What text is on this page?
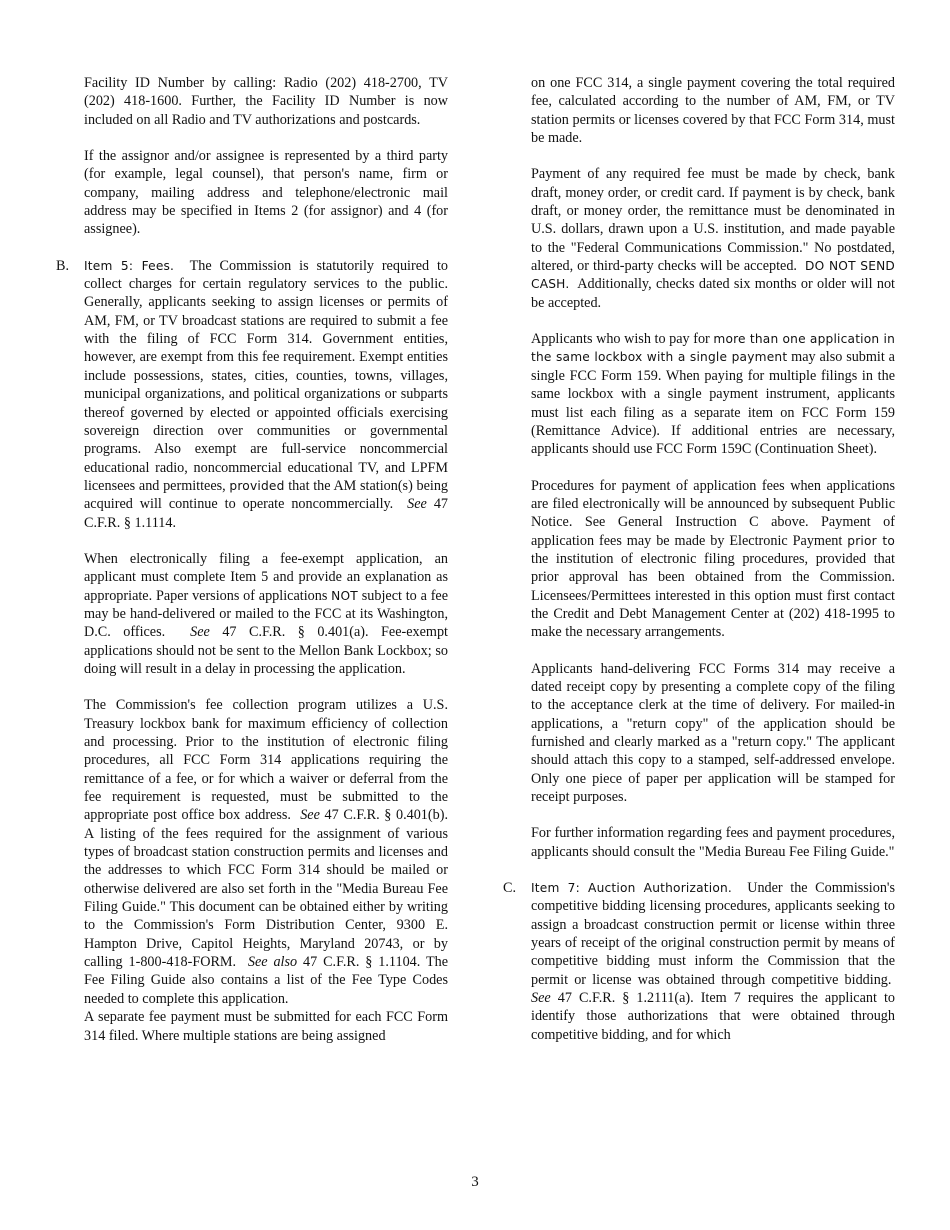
Facility ID Number by calling: Radio (202) 418-2700, TV (202) 418-1600. Further, the Facility ID Number is now included on all Radio and TV authorizations and postcards.

If the assignor and/or assignee is represented by a third party (for example, legal counsel), that person's name, firm or company, mailing address and telephone/electronic mail address may be specified in Items 2 (for assignor) and 4 (for assignee).

B. Item 5: Fees. The Commission is statutorily required to collect charges for certain regulatory services to the public. Generally, applicants seeking to assign licenses or permits of AM, FM, or TV broadcast stations are required to submit a fee with the filing of FCC Form 314. Government entities, however, are exempt from this fee requirement. Exempt entities include possessions, states, cities, counties, towns, villages, municipal organizations, and political organizations or subparts thereof governed by elected or appointed officials exercising sovereign direction over communities or governmental programs. Also exempt are full-service noncommercial educational radio, noncommercial educational TV, and LPFM licensees and permittees, provided that the AM station(s) being acquired will continue to operate noncommercially. See 47 C.F.R. § 1.1114.

When electronically filing a fee-exempt application, an applicant must complete Item 5 and provide an explanation as appropriate. Paper versions of applications NOT subject to a fee may be hand-delivered or mailed to the FCC at its Washington, D.C. offices. See 47 C.F.R. § 0.401(a). Fee-exempt applications should not be sent to the Mellon Bank Lockbox; so doing will result in a delay in processing the application.

The Commission's fee collection program utilizes a U.S. Treasury lockbox bank for maximum efficiency of collection and processing. Prior to the institution of electronic filing procedures, all FCC Form 314 applications requiring the remittance of a fee, or for which a waiver or deferral from the fee requirement is requested, must be submitted to the appropriate post office box address. See 47 C.F.R. § 0.401(b). A listing of the fees required for the assignment of various types of broadcast station construction permits and licenses and the addresses to which FCC Form 314 should be mailed or otherwise delivered are also set forth in the "Media Bureau Fee Filing Guide." This document can be obtained either by writing to the Commission's Form Distribution Center, 9300 E. Hampton Drive, Capitol Heights, Maryland 20743, or by calling 1-800-418-FORM. See also 47 C.F.R. § 1.1104. The Fee Filing Guide also contains a list of the Fee Type Codes needed to complete this application.

A separate fee payment must be submitted for each FCC Form 314 filed. Where multiple stations are being assigned

on one FCC 314, a single payment covering the total required fee, calculated according to the number of AM, FM, or TV station permits or licenses covered by that FCC Form 314, must be made.

Payment of any required fee must be made by check, bank draft, money order, or credit card. If payment is by check, bank draft, or money order, the remittance must be denominated in U.S. dollars, drawn upon a U.S. institution, and made payable to the "Federal Communications Commission." No postdated, altered, or third-party checks will be accepted. DO NOT SEND CASH. Additionally, checks dated six months or older will not be accepted.

Applicants who wish to pay for more than one application in the same lockbox with a single payment may also submit a single FCC Form 159. When paying for multiple filings in the same lockbox with a single payment instrument, applicants must list each filing as a separate item on FCC Form 159 (Remittance Advice). If additional entries are necessary, applicants should use FCC Form 159C (Continuation Sheet).

Procedures for payment of application fees when applications are filed electronically will be announced by subsequent Public Notice. See General Instruction C above. Payment of application fees may be made by Electronic Payment prior to the institution of electronic filing procedures, provided that prior approval has been obtained from the Commission. Licensees/Permittees interested in this option must first contact the Credit and Debt Management Center at (202) 418-1995 to make the necessary arrangements.

Applicants hand-delivering FCC Forms 314 may receive a dated receipt copy by presenting a complete copy of the filing to the acceptance clerk at the time of delivery. For mailed-in applications, a "return copy" of the application should be furnished and clearly marked as a "return copy." The applicant should attach this copy to a stamped, self-addressed envelope. Only one piece of paper per application will be stamped for receipt purposes.

For further information regarding fees and payment procedures, applicants should consult the "Media Bureau Fee Filing Guide."

C. Item 7: Auction Authorization. Under the Commission's competitive bidding licensing procedures, applicants seeking to assign a broadcast construction permit or license within three years of receipt of the original construction permit by means of competitive bidding must inform the Commission that the permit or license was obtained through competitive bidding.  See 47 C.F.R. § 1.2111(a). Item 7 requires the applicant to identify those authorizations that were obtained through competitive bidding, and for which

3
